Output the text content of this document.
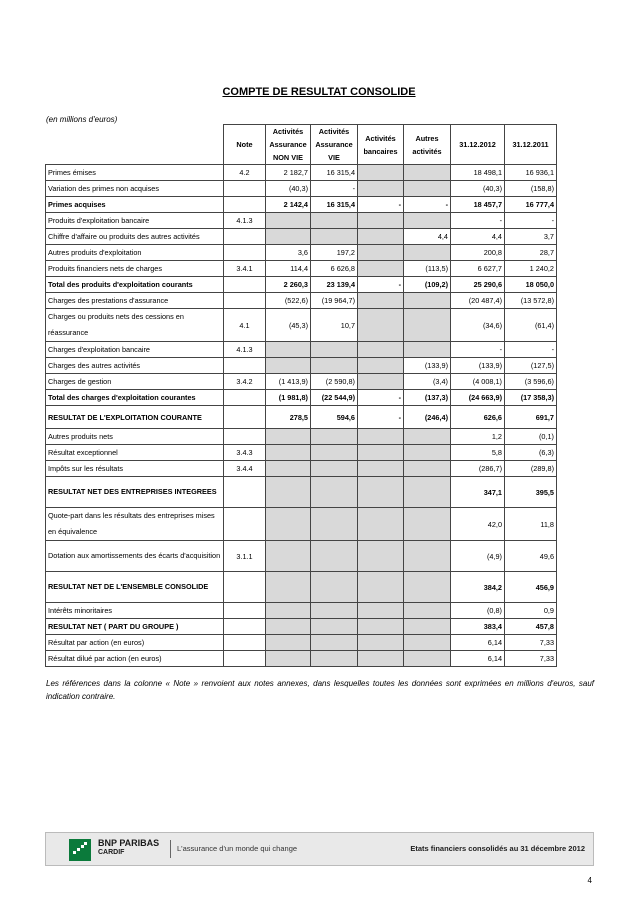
COMPTE DE RESULTAT CONSOLIDE
(en millions d'euros)
	Note	Activités
Assurance
NON VIE	Activités
Assurance
VIE	Activités
bancaires	Autres
activités	31.12.2012	31.12.2011
Primes émises	4.2	2 182,7	16 315,4			18 498,1	16 936,1
Variation des primes non acquises		(40,3)	-			(40,3)	(158,8)
Primes acquises		2 142,4	16 315,4	-	-	18 457,7	16 777,4
Produits d'exploitation bancaire	4.1.3					-	-
Chiffre d'affaire ou produits des autres activités					4,4	4,4	3,7
Autres produits d'exploitation		3,6	197,2			200,8	28,7
Produits financiers nets de charges	3.4.1	114,4	6 626,8		(113,5)	6 627,7	1 240,2
Total des produits d'exploitation courants		2 260,3	23 139,4	-	(109,2)	25 290,6	18 050,0
Charges des prestations d'assurance		(522,6)	(19 964,7)			(20 487,4)	(13 572,8)
Charges ou produits nets des cessions en réassurance	4.1	(45,3)	10,7			(34,6)	(61,4)
Charges d'exploitation bancaire	4.1.3					-	-
Charges des autres activités					(133,9)	(133,9)	(127,5)
Charges de gestion	3.4.2	(1 413,9)	(2 590,8)		(3,4)	(4 008,1)	(3 596,6)
Total des charges d'exploitation courantes		(1 981,8)	(22 544,9)	-	(137,3)	(24 663,9)	(17 358,3)
RESULTAT DE L'EXPLOITATION COURANTE		278,5	594,6	-	(246,4)	626,6	691,7
Autres produits nets						1,2	(0,1)
Résultat exceptionnel	3.4.3					5,8	(6,3)
Impôts sur les résultats	3.4.4					(286,7)	(289,8)
RESULTAT NET DES ENTREPRISES INTEGREES						347,1	395,5
Quote-part dans les résultats des entreprises mises en équivalence						42,0	11,8
Dotation aux amortissements des écarts d'acquisition	3.1.1					(4,9)	49,6
RESULTAT NET DE L'ENSEMBLE CONSOLIDE						384,2	456,9
Intérêts minoritaires						(0,8)	0,9
RESULTAT NET ( PART DU GROUPE )						383,4	457,8
Résultat par action (en euros)						6,14	7,33
Résultat dilué par action (en euros)						6,14	7,33
Les références dans la colonne « Note » renvoient aux notes annexes, dans lesquelles toutes les données sont exprimées en millions d'euros, sauf indication contraire.
BNP PARIBAS
CARDIF	L'assurance d'un monde qui change	Etats financiers consolidés au 31 décembre 2012
4
